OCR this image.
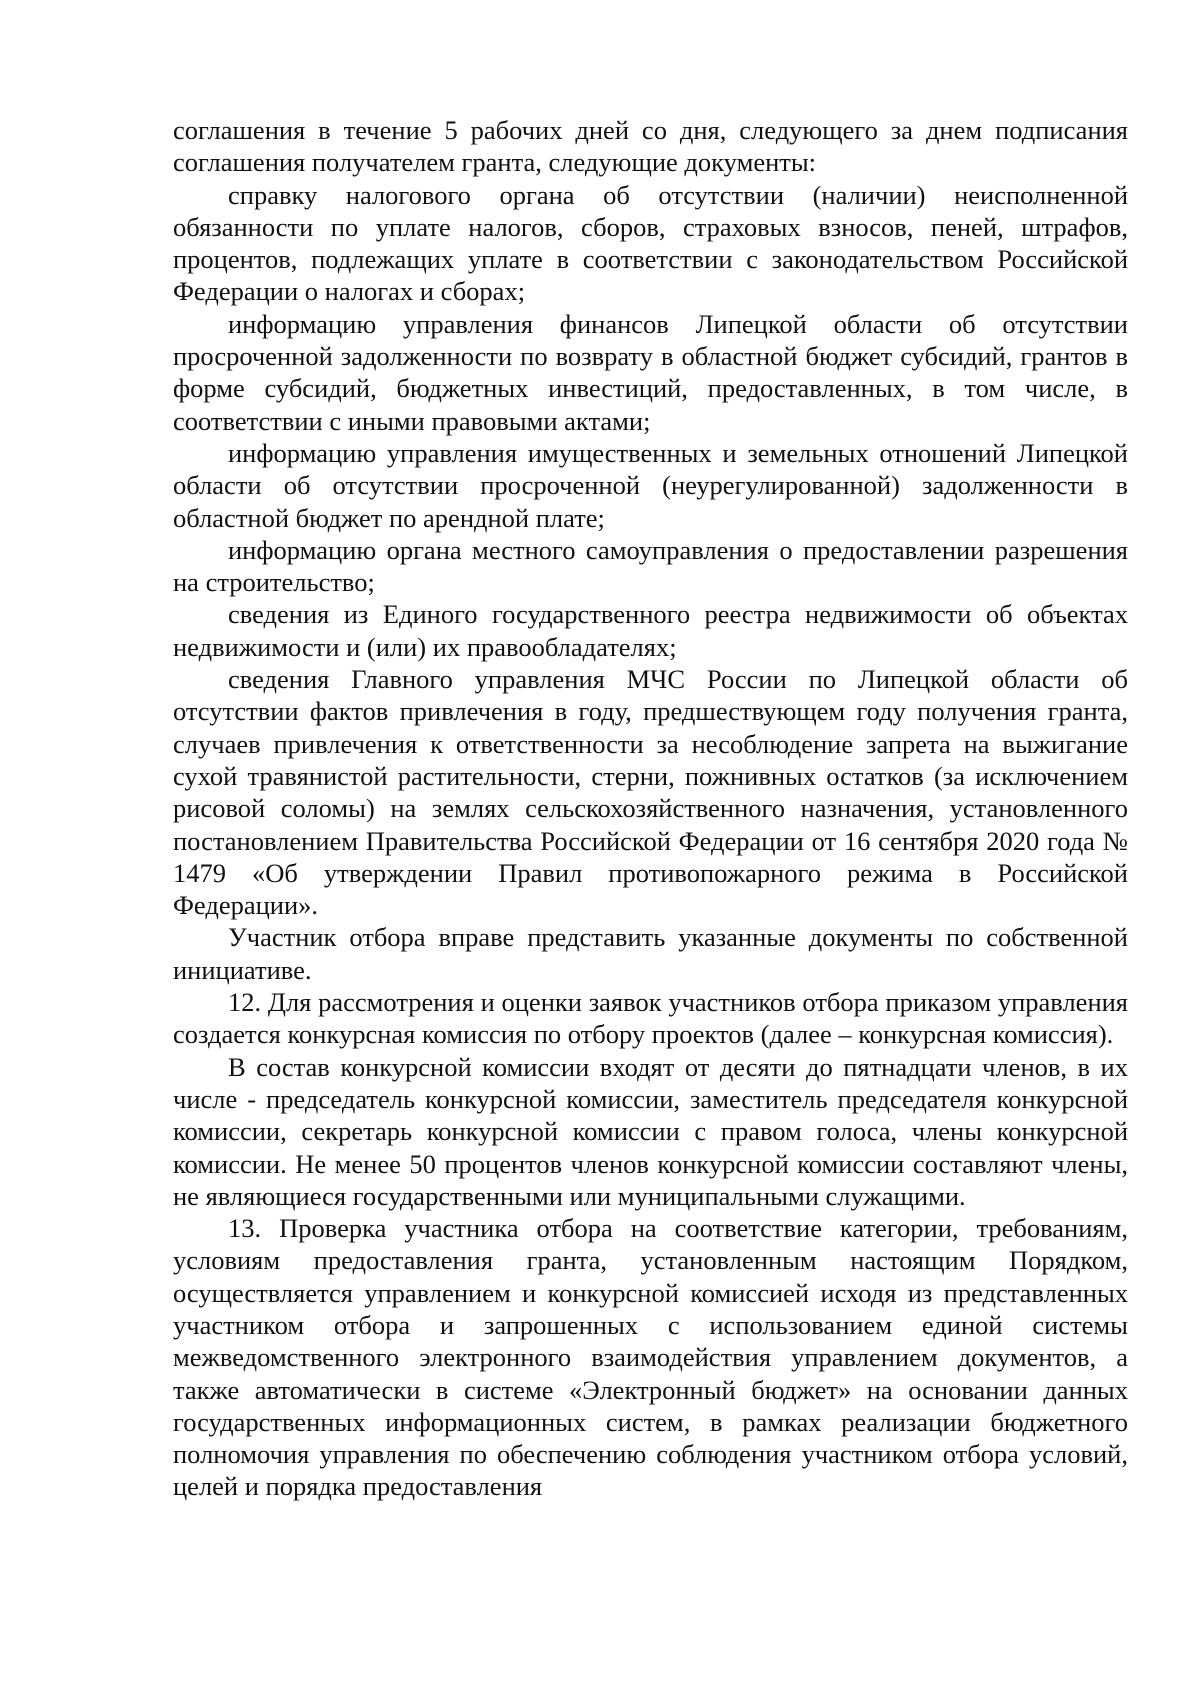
соглашения в течение 5 рабочих дней со дня, следующего за днем подписания соглашения получателем гранта, следующие документы:

справку налогового органа об отсутствии (наличии) неисполненной обязанности по уплате налогов, сборов, страховых взносов, пеней, штрафов, процентов, подлежащих уплате в соответствии с законодательством Российской Федерации о налогах и сборах;

информацию управления финансов Липецкой области об отсутствии просроченной задолженности по возврату в областной бюджет субсидий, грантов в форме субсидий, бюджетных инвестиций, предоставленных, в том числе, в соответствии с иными правовыми актами;

информацию управления имущественных и земельных отношений Липецкой области об отсутствии просроченной (неурегулированной) задолженности в областной бюджет по арендной плате;

информацию органа местного самоуправления о предоставлении разрешения на строительство;

сведения из Единого государственного реестра недвижимости об объектах недвижимости и (или) их правообладателях;

сведения Главного управления МЧС России по Липецкой области об отсутствии фактов привлечения в году, предшествующем году получения гранта, случаев привлечения к ответственности за несоблюдение запрета на выжигание сухой травянистой растительности, стерни, пожнивных остатков (за исключением рисовой соломы) на землях сельскохозяйственного назначения, установленного постановлением Правительства Российской Федерации от 16 сентября 2020 года № 1479 «Об утверждении Правил противопожарного режима в Российской Федерации».

Участник отбора вправе представить указанные документы по собственной инициативе.

12. Для рассмотрения и оценки заявок участников отбора приказом управления создается конкурсная комиссия по отбору проектов (далее – конкурсная комиссия).

В состав конкурсной комиссии входят от десяти до пятнадцати членов, в их числе - председатель конкурсной комиссии, заместитель председателя конкурсной комиссии, секретарь конкурсной комиссии с правом голоса, члены конкурсной комиссии. Не менее 50 процентов членов конкурсной комиссии составляют члены, не являющиеся государственными или муниципальными служащими.

13. Проверка участника отбора на соответствие категории, требованиям, условиям предоставления гранта, установленным настоящим Порядком, осуществляется управлением и конкурсной комиссией исходя из представленных участником отбора и запрошенных с использованием единой системы межведомственного электронного взаимодействия управлением документов, а также автоматически в системе «Электронный бюджет» на основании данных государственных информационных систем, в рамках реализации бюджетного полномочия управления по обеспечению соблюдения участником отбора условий, целей и порядка предоставления
